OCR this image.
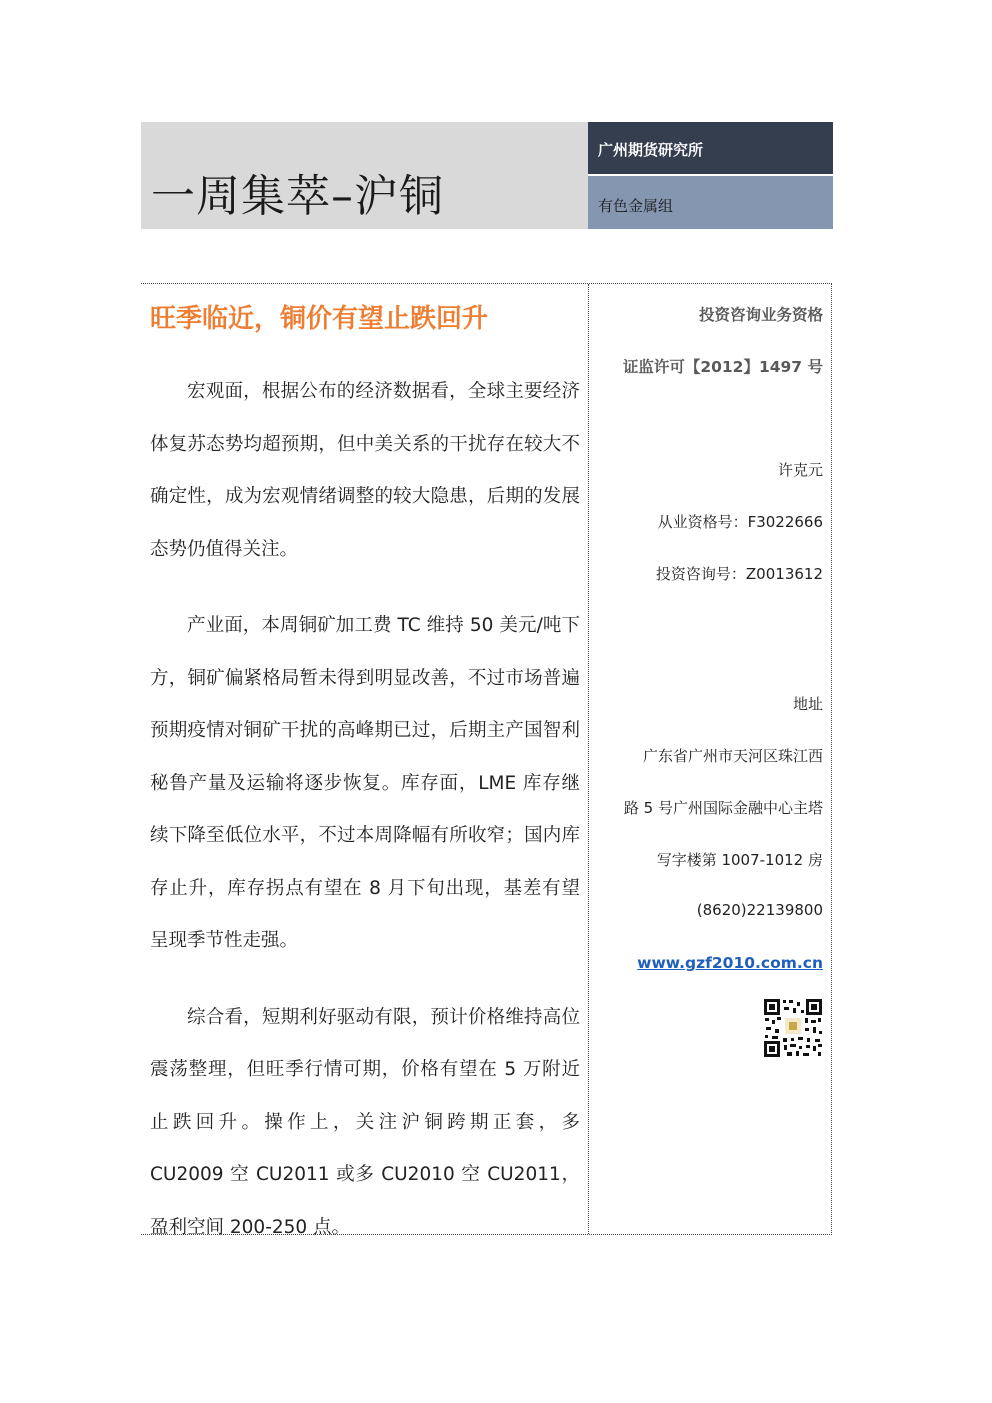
一周集萃–沪铜
广州期货研究所
有色金属组
旺季临近，铜价有望止跌回升

宏观面，根据公布的经济数据看，全球主要经济体复苏态势均超预期，但中美关系的干扰存在较大不确定性，成为宏观情绪调整的较大隐患，后期的发展态势仍值得关注。

产业面，本周铜矿加工费 TC 维持 50 美元/吨下方，铜矿偏紧格局暂未得到明显改善，不过市场普遍预期疫情对铜矿干扰的高峰期已过，后期主产国智利秘鲁产量及运输将逐步恢复。库存面，LME 库存继续下降至低位水平，不过本周降幅有所收窄；国内库存止升，库存拐点有望在 8 月下旬出现，基差有望呈现季节性走强。

综合看，短期利好驱动有限，预计价格维持高位震荡整理，但旺季行情可期，价格有望在 5 万附近止跌回升。操作上，关注沪铜跨期正套，多 CU2009 空 CU2011 或多 CU2010 空 CU2011，盈利空间 200-250 点。

投资咨询业务资格
证监许可【2012】1497 号
许克元
从业资格号：F3022666
投资咨询号：Z0013612
地址
广东省广州市天河区珠江西
路 5 号广州国际金融中心主塔
写字楼第 1007-1012 房
(8620)22139800
www.gzf2010.com.cn
